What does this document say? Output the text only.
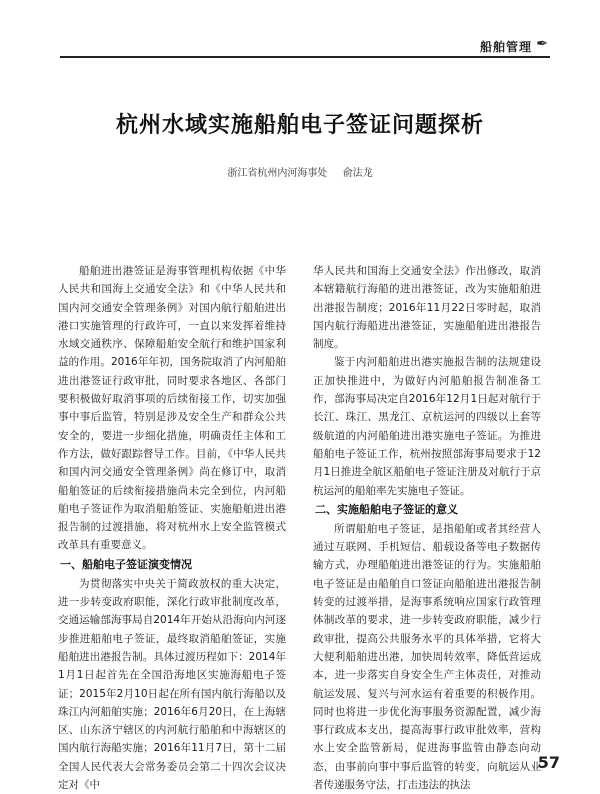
船舶管理 ✒
杭州水域实施船舶电子签证问题探析
浙江省杭州内河海事处 俞法龙

船舶进出港签证是海事管理机构依据《中华人民共和国海上交通安全法》和《中华人民共和国内河交通安全管理条例》对国内航行船舶进出港口实施管理的行政许可，一直以来发挥着维持水域交通秩序、保障船舶安全航行和维护国家利益的作用。2016年年初，国务院取消了内河船舶进出港签证行政审批，同时要求各地区、各部门要积极做好取消事项的后续衔接工作，切实加强事中事后监管，特别是涉及安全生产和群众公共安全的，要进一步细化措施，明确责任主体和工作方法，做好跟踪督导工作。目前，《中华人民共和国内河交通安全管理条例》尚在修订中，取消船舶签证的后续衔接措施尚未完全到位，内河船舶电子签证作为取消船舶签证、实施船舶进出港报告制的过渡措施，将对杭州水上安全监管模式改革具有重要意义。

一、船舶电子签证演变情况

为贯彻落实中央关于简政放权的重大决定，进一步转变政府职能，深化行政审批制度改革，交通运输部海事局自2014年开始从沿海向内河逐步推进船舶电子签证，最终取消船舶签证，实施船舶进出港报告制。具体过渡历程如下：2014年1月1日起首先在全国沿海地区实施海船电子签证；2015年2月10日起在所有国内航行海船以及珠江内河船舶实施；2016年6月20日，在上海辖区、山东济宁辖区的内河航行船舶和中海辖区的国内航行海船实施；2016年11月7日，第十二届全国人民代表大会常务委员会第二十四次会议决定对《中

华人民共和国海上交通安全法》作出修改，取消本辖籍航行海船的进出港签证，改为实施船舶进出港报告制度；2016年11月22日零时起，取消国内航行海船进出港签证，实施船舶进出港报告制度。

鉴于内河船舶进出港实施报告制的法规建设正加快推进中，为做好内河船舶报告制准备工作，部海事局决定自2016年12月1日起对航行于长江、珠江、黑龙江、京杭运河的四级以上套等级航道的内河船舶进出港实施电子签证。为推进船舶电子签证工作，杭州按照部海事局要求于12月1日推进全航区船舶电子签证注册及对航行于京杭运河的船舶率先实施电子签证。

二、实施船舶电子签证的意义

所谓船舶电子签证，是指船舶或者其经营人通过互联网、手机短信、船载设备等电子数据传输方式，办理船舶进出港签证的行为。实施船舶电子签证是由船舶自口签证向船舶进出港报告制转变的过渡举措，是海事系统响应国家行政管理体制改革的要求，进一步转变政府职能，减少行政审批，提高公共服务水平的具体举措，它将大大便利船舶进出港，加快周转效率，降低营运成本，进一步落实自身安全生产主体责任，对推动航运发展、复兴与河水运有着重要的积极作用。同时也将进一步优化海事服务资源配置，减少海事行政成本支出，提高海事行政审批效率，营构水上安全监管新局，促进海事监管由静态向动态，由事前向事中事后监管的转变，向航运从业者传递服务守法，打击违法的执法

57
